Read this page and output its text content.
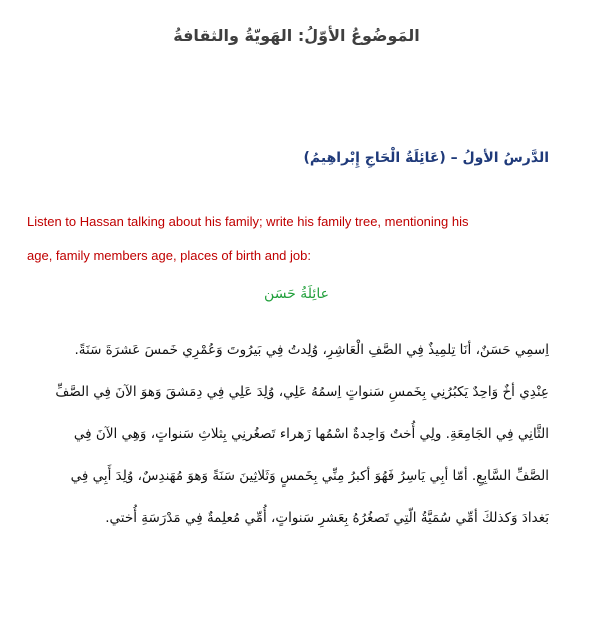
المَوضُوعُ الأوّلُ: الهَويّةُ والثقافةُ
الدَّرسُ الأولُ – (عَائِلَةُ الْحَاجِ إِبْراهِيمُ)
Listen to Hassan talking about his family; write his family tree, mentioning his
age, family members age, places of birth and job:
عائِلَةُ حَسَن
اِسمِي حَسَنٌ، أنَا تِلمِيذٌ فِي الصَّفِ الْعَاشِرِ، وُلِدتُ فِي بَيرُوتَ وَعُمْرِي خَمسَ عَشرَةَ سَنَةً.
عِنْدِي أخٌ وَاحِدٌ يَكبُرُنِي بِخَمسِ سَنواتٍ اِسمُهُ عَلِي، وُلِدَ عَلِي فِي دِمَشقَ وَهوَ الآنَ فِي الصَّفِّ
الثَّانِي فِي الجَامِعَةِ. ولِي أُختٌ وَاحِدةٌ اسْمُها زَهراء تَصغُرنِي بِثلاثِ سَنواتٍ، وَهِي الآنَ فِي
الصَّفِّ السَّابِعِ. أمّا أبِي يَاسِرُ فَهُوَ أكبرُ مِنِّي بِخَمسٍ وَثَلاثِينَ سَنَةً وَهوَ مُهَندِسٌ، وُلِدَ أَبِي فِي
بَغدادَ وَكذلكَ أمِّي سُمَيَّةُ الّتِي تَصغُرُهُ بِعَشرِ سَنواتٍ، أُمِّي مُعلِمةٌ فِي مَدْرَسَةِ أُختي.
